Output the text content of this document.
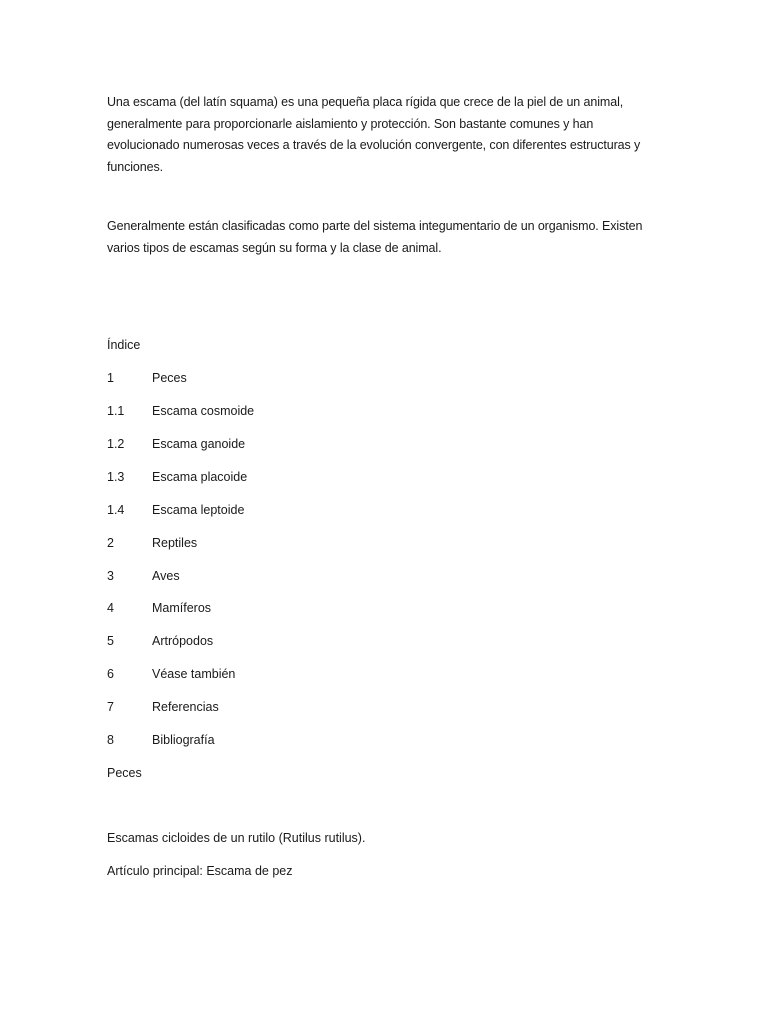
Una escama (del latín squama) es una pequeña placa rígida que crece de la piel de un animal, generalmente para proporcionarle aislamiento y protección. Son bastante comunes y han evolucionado numerosas veces a través de la evolución convergente, con diferentes estructuras y funciones.

Generalmente están clasificadas como parte del sistema integumentario de un organismo. Existen varios tipos de escamas según su forma y la clase de animal.

Índice

1	Peces
1.1 Escama cosmoide
1.2 Escama ganoide
1.3 Escama placoide
1.4 Escama leptoide
2	Reptiles
3	Aves
4	Mamíferos
5	Artrópodos
6	Véase también
7	Referencias
8	Bibliografía

Peces

Escamas cicloides de un rutilo (Rutilus rutilus).

Artículo principal: Escama de pez
